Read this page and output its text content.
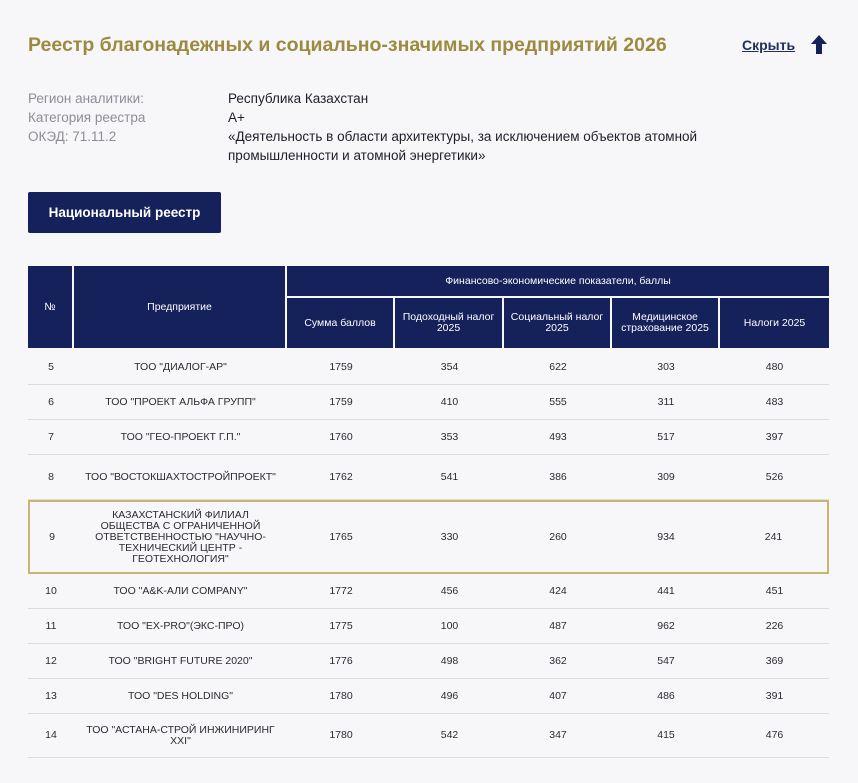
Реестр благонадежных и социально-значимых предприятий 2026	Скрыть
Регион аналитики:	Республика Казахстан
Категория реестра	А+
ОКЭД: 71.11.2	«Деятельность в области архитектуры, за исключением объектов атомной промышленности и атомной энергетики»
Национальный реестр
№	Предприятие	Финансово-экономические показатели, баллы				
		Сумма баллов	Подоходный налог 2025	Социальный налог 2025	Медицинское страхование 2025	Налоги 2025
5	ТОО "ДИАЛОГ-АР"	1759	354	622	303	480
6	ТОО "ПРОЕКТ АЛЬФА ГРУПП"	1759	410	555	311	483
7	ТОО "ГЕО-ПРОЕКТ Г.П."	1760	353	493	517	397
8	ТОО "ВОСТОКШАХТОСТРОЙПРОЕКТ"	1762	541	386	309	526
9	КАЗАХСТАНСКИЙ ФИЛИАЛ ОБЩЕСТВА С ОГРАНИЧЕННОЙ ОТВЕТСТВЕННОСТЬЮ "НАУЧНО-ТЕХНИЧЕСКИЙ ЦЕНТР - ГЕОТЕХНОЛОГИЯ"	1765	330	260	934	241
10	ТОО "A&K-АЛИ COMPANY"	1772	456	424	441	451
11	ТОО "EX-PRO"(ЭКС-ПРО)	1775	100	487	962	226
12	ТОО "BRIGHT FUTURE 2020"	1776	498	362	547	369
13	ТОО "DES HOLDING"	1780	496	407	486	391
14	ТОО "АСТАНА-СТРОЙ ИНЖИНИРИНГ XXI"	1780	542	347	415	476
